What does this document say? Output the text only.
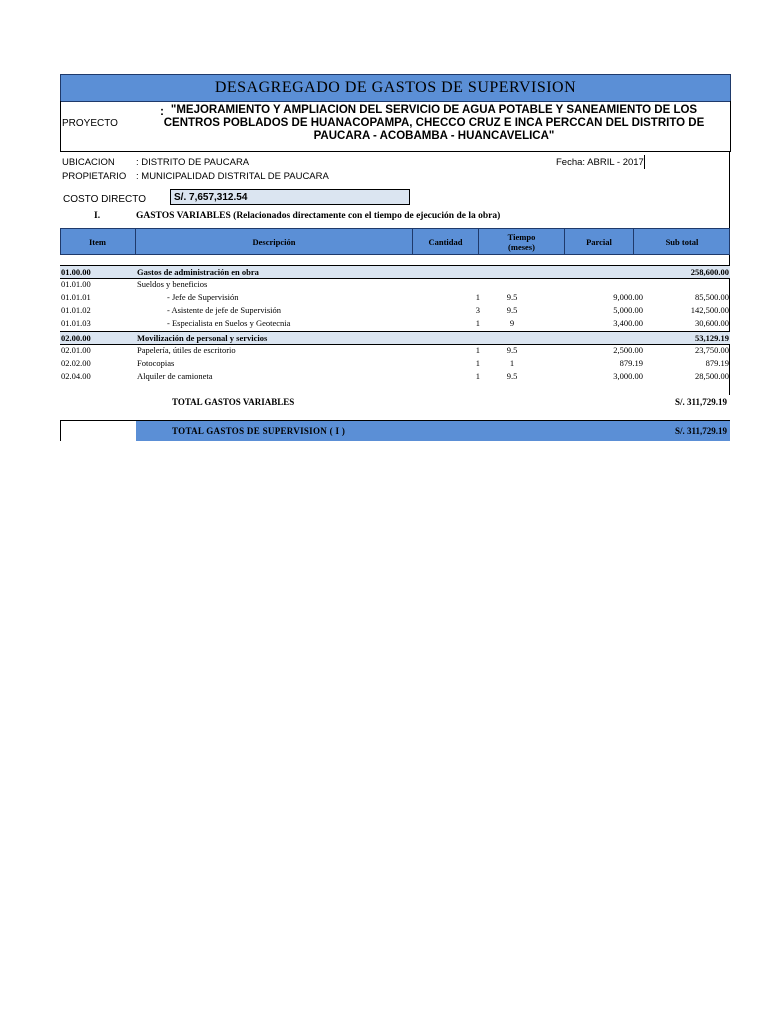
DESAGREGADO DE GASTOS DE SUPERVISION
PROYECTO
: "MEJORAMIENTO Y AMPLIACION DEL SERVICIO DE AGUA POTABLE Y SANEAMIENTO DE LOS CENTROS POBLADOS DE HUANACOPAMPA, CHECCO CRUZ E INCA PERCCAN DEL DISTRITO DE PAUCARA - ACOBAMBA - HUANCAVELICA"
UBICACION : DISTRITO DE PAUCARA	Fecha: ABRIL - 2017
PROPIETARIO : MUNICIPALIDAD DISTRITAL DE PAUCARA
COSTO DIRECTO	S/. 7,657,312.54
I.	GASTOS VARIABLES (Relacionados directamente con el tiempo de ejecución de la obra)
Item	Descripción	Cantidad	Tiempo (meses)	Parcial	Sub total
01.00.00	Gastos de administración en obra	258,600.00
01.01.00	Sueldos y beneficios
01.01.01	- Jefe de Supervisión	1	9.5	9,000.00	85,500.00
01.01.02	- Asistente de jefe de Supervisión	3	9.5	5,000.00	142,500.00
01.01.03	- Especialista en Suelos y Geotecnia	1	9	3,400.00	30,600.00
02.00.00	Movilización de personal y servicios	53,129.19
02.01.00	Papelería, útiles de escritorio	1	9.5	2,500.00	23,750.00
02.02.00	Fotocopias	1	1	879.19	879.19
02.04.00	Alquiler de camioneta	1	9.5	3,000.00	28,500.00
TOTAL GASTOS VARIABLES	S/. 311,729.19
TOTAL GASTOS DE SUPERVISION ( I )	S/. 311,729.19
